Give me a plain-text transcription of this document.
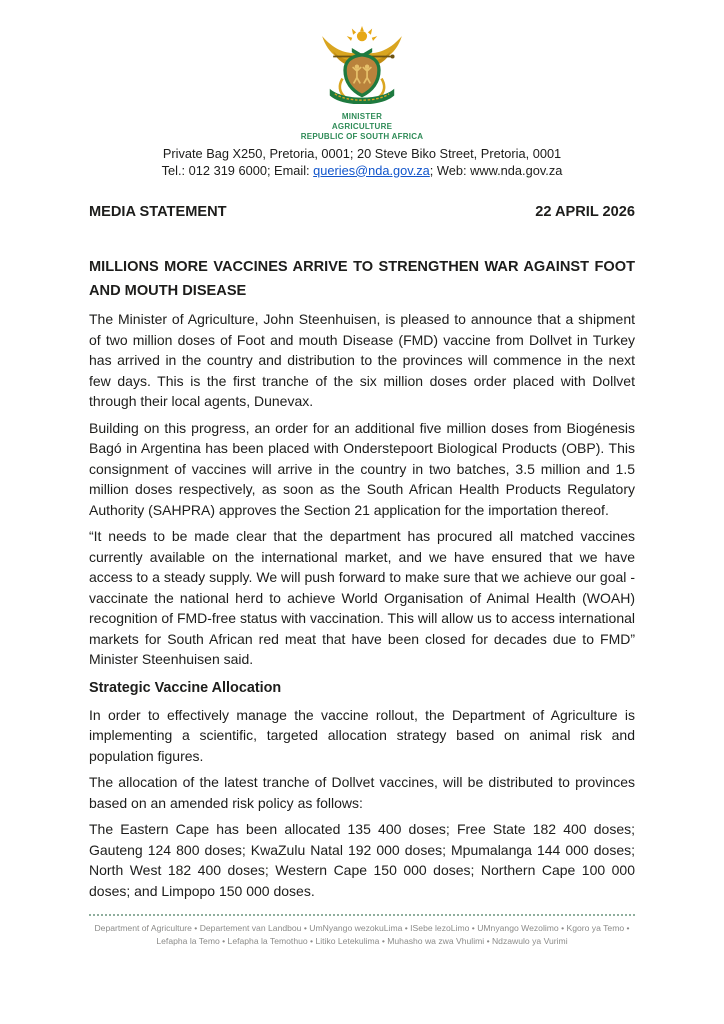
MINISTER
AGRICULTURE
REPUBLIC OF SOUTH AFRICA
Private Bag X250, Pretoria, 0001; 20 Steve Biko Street, Pretoria, 0001
Tel.: 012 319 6000; Email: queries@nda.gov.za; Web: www.nda.gov.za
MEDIA STATEMENT	22 APRIL 2026
MILLIONS MORE VACCINES ARRIVE TO STRENGTHEN WAR AGAINST FOOT AND MOUTH DISEASE

The Minister of Agriculture, John Steenhuisen, is pleased to announce that a shipment of two million doses of Foot and mouth Disease (FMD) vaccine from Dollvet in Turkey has arrived in the country and distribution to the provinces will commence in the next few days. This is the first tranche of the six million doses order placed with Dollvet through their local agents, Dunevax.

Building on this progress, an order for an additional five million doses from Biogénesis Bagó in Argentina has been placed with Onderstepoort Biological Products (OBP). This consignment of vaccines will arrive in the country in two batches, 3.5 million and 1.5 million doses respectively, as soon as the South African Health Products Regulatory Authority (SAHPRA) approves the Section 21 application for the importation thereof.

“It needs to be made clear that the department has procured all matched vaccines currently available on the international market, and we have ensured that we have access to a steady supply. We will push forward to make sure that we achieve our goal - vaccinate the national herd to achieve World Organisation of Animal Health (WOAH) recognition of FMD-free status with vaccination. This will allow us to access international markets for South African red meat that have been closed for decades due to FMD” Minister Steenhuisen said.

Strategic Vaccine Allocation

In order to effectively manage the vaccine rollout, the Department of Agriculture is implementing a scientific, targeted allocation strategy based on animal risk and population figures.

The allocation of the latest tranche of Dollvet vaccines, will be distributed to provinces based on an amended risk policy as follows:

The Eastern Cape has been allocated 135 400 doses; Free State 182 400 doses; Gauteng 124 800 doses; KwaZulu Natal 192 000 doses; Mpumalanga 144 000 doses; North West 182 400 doses; Western Cape 150 000 doses; Northern Cape 100 000 doses; and Limpopo 150 000 doses.

Department of Agriculture • Departement van Landbou • UmNyango wezokuLima • ISebe lezoLimo • UMnyango Wezolimo • Kgoro ya Temo •
Lefapha la Temo • Lefapha la Temothuo • Litiko Letekulima • Muhasho wa zwa Vhulimi • Ndzawulo ya Vurimi
